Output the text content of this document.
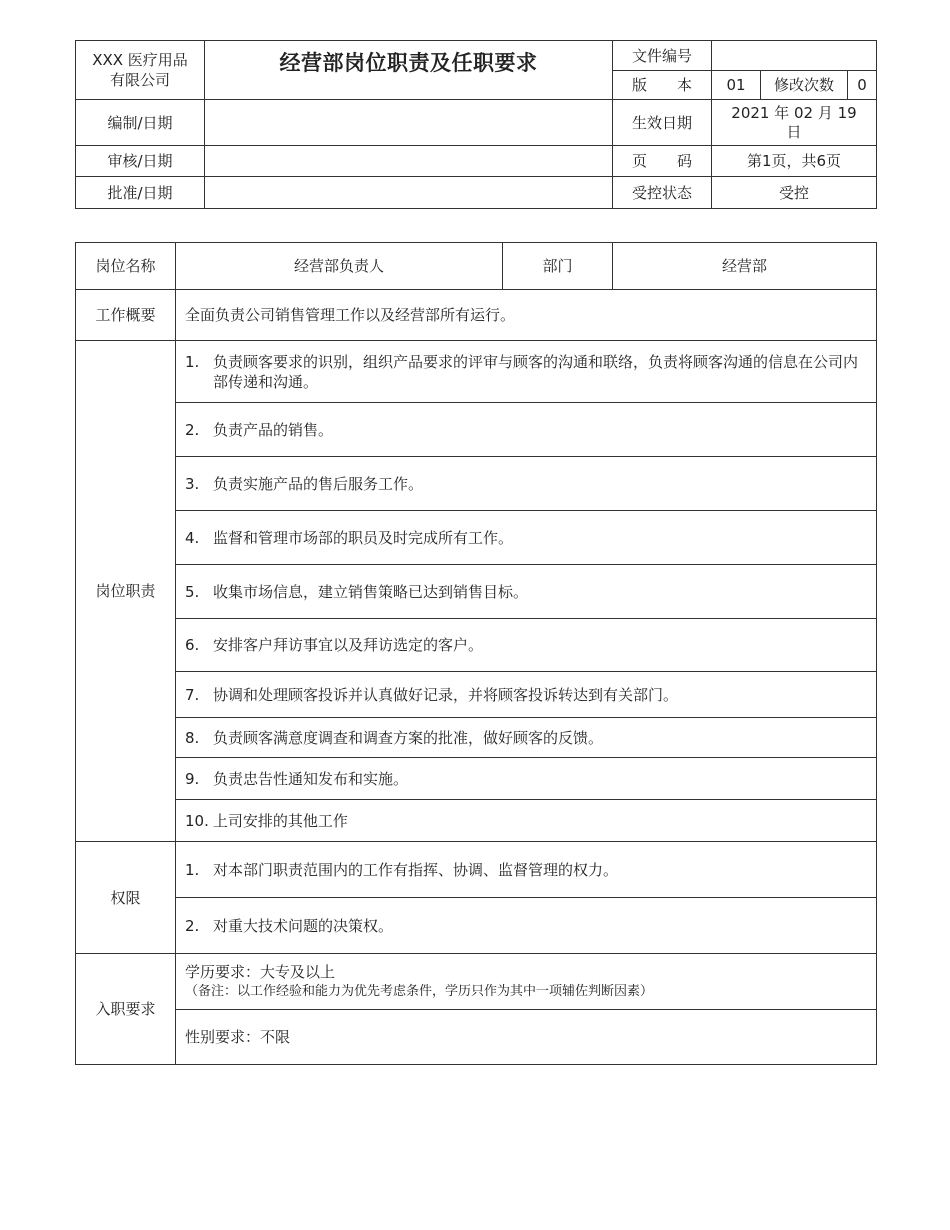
XXX 医疗用品有限公司	经营部岗位职责及任职要求	文件编号			
		版　　本	01	修改次数	0
编制/日期		生效日期	2021 年 02 月 19 日		

审核/日期		页　　码	第1页，共6页		
批准/日期		受控状态	受控		
岗位名称	经营部负责人	部门	经营部
工作概要	全面负责公司销售管理工作以及经营部所有运行。		
岗位职责	1. 负责顾客要求的识别，组织产品要求的评审与顾客的沟通和联络，负责将顾客沟通的信息在公司内部传递和沟通。		

	2. 负责产品的销售。		

	3. 负责实施产品的售后服务工作。		

	4. 监督和管理市场部的职员及时完成所有工作。		

	5. 收集市场信息，建立销售策略已达到销售目标。		

	6. 安排客户拜访事宜以及拜访选定的客户。		

	7. 协调和处理顾客投诉并认真做好记录，并将顾客投诉转达到有关部门。		

	8. 负责顾客满意度调查和调查方案的批准，做好顾客的反馈。		

	9. 负责忠告性通知发布和实施。		

	10. 上司安排的其他工作		

权限	1. 对本部门职责范围内的工作有指挥、协调、监督管理的权力。		

	2. 对重大技术问题的决策权。		

入职要求	学历要求：大专及以上
（备注：以工作经验和能力为优先考虑条件，学历只作为其中一项辅佐判断因素）		

	性别要求：不限		
